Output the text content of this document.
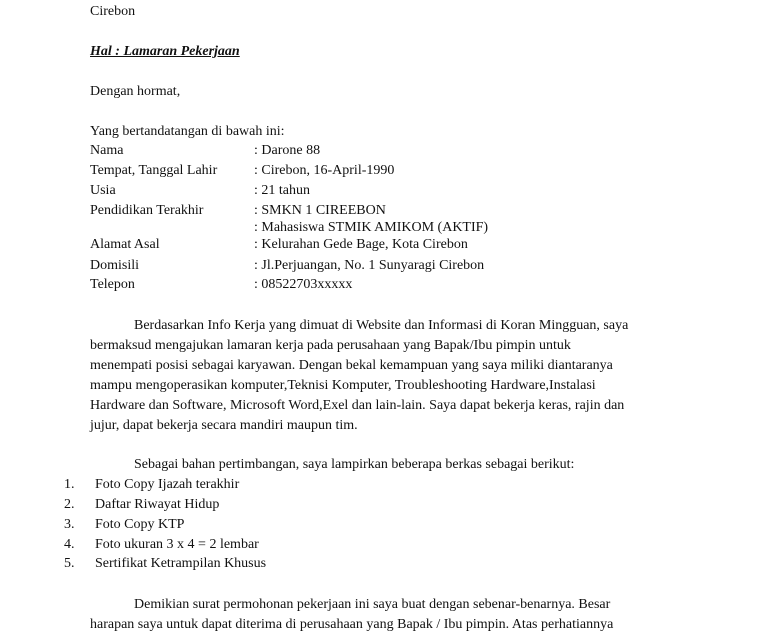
Cirebon
Hal : Lamaran Pekerjaan
Dengan hormat,
Yang bertandatangan di bawah ini:
Nama	: Darone 88
Tempat, Tanggal Lahir	: Cirebon, 16-April-1990
Usia	: 21 tahun
Pendidikan Terakhir	: SMKN 1 CIREEBON
: Mahasiswa STMIK AMIKOM (AKTIF)
Alamat Asal	: Kelurahan Gede Bage, Kota Cirebon
Domisili	: Jl.Perjuangan, No. 1 Sunyaragi Cirebon
Telepon	: 08522703xxxxx
Berdasarkan Info Kerja yang dimuat di Website dan Informasi di Koran Mingguan, saya
bermaksud mengajukan lamaran kerja pada perusahaan yang Bapak/Ibu pimpin untuk
menempati posisi sebagai karyawan. Dengan bekal kemampuan yang saya miliki diantaranya
mampu mengoperasikan komputer,Teknisi Komputer, Troubleshooting Hardware,Instalasi
Hardware dan Software, Microsoft Word,Exel dan lain-lain. Saya dapat bekerja keras, rajin dan
jujur, dapat bekerja secara mandiri maupun tim.
Sebagai bahan pertimbangan, saya lampirkan beberapa berkas sebagai berikut:
1. Foto Copy Ijazah terakhir
2. Daftar Riwayat Hidup
3. Foto Copy KTP
4. Foto ukuran 3 x 4 = 2 lembar
5. Sertifikat Ketrampilan Khusus
Demikian surat permohonan pekerjaan ini saya buat dengan sebenar-benarnya. Besar
harapan saya untuk dapat diterima di perusahaan yang Bapak / Ibu pimpin. Atas perhatiannya
